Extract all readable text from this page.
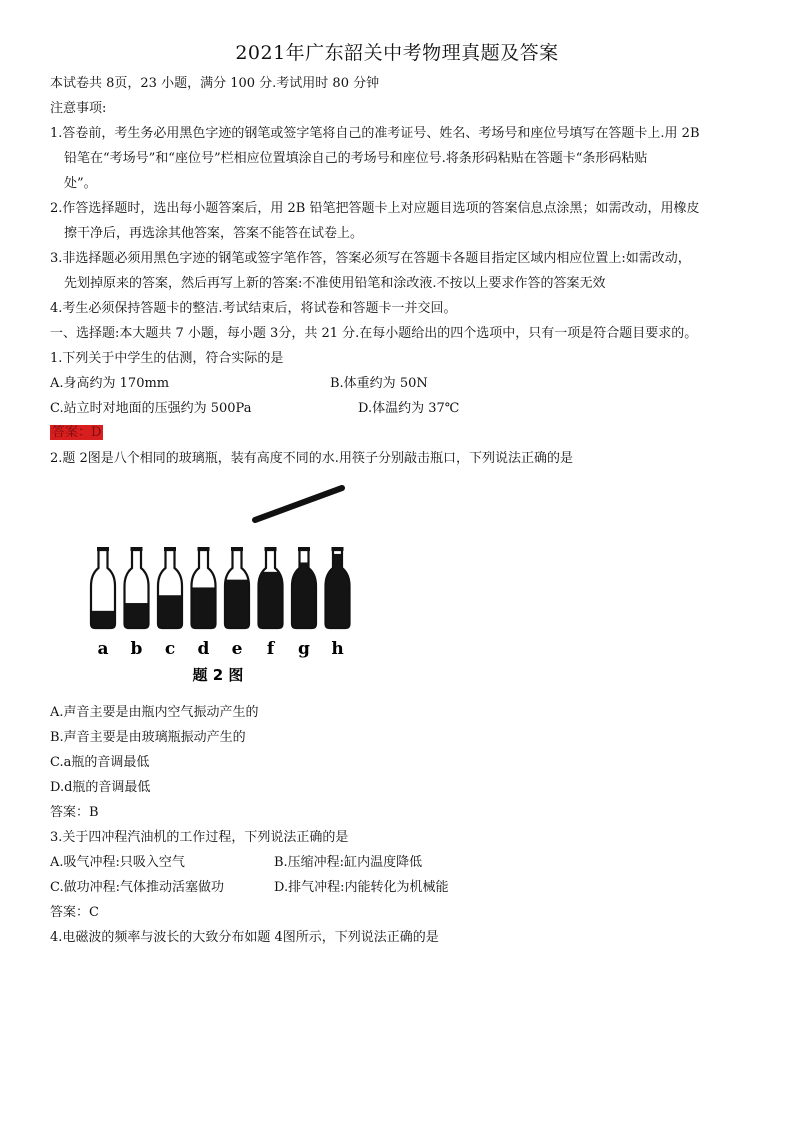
2021年广东韶关中考物理真题及答案
本试卷共 8页，23 小题，满分 100 分.考试用时 80 分钟
注意事项:
1.答卷前，考生务必用黑色字迹的钢笔或签字笔将自己的准考证号、姓名、考场号和座位号填写在答题卡上.用 2B
铅笔在“考场号”和“座位号”栏相应位置填涂自己的考场号和座位号.将条形码粘贴在答题卡“条形码粘贴
处”。
2.作答选择题时，选出每小题答案后，用 2B 铅笔把答题卡上对应题目选项的答案信息点涂黑；如需改动，用橡皮
擦干净后，再选涂其他答案，答案不能答在试卷上。
3.非选择题必须用黑色字迹的钢笔或签字笔作答，答案必须写在答题卡各题目指定区域内相应位置上:如需改动，
先划掉原来的答案，然后再写上新的答案:不准使用铅笔和涂改液.不按以上要求作答的答案无效
4.考生必须保持答题卡的整洁.考试结束后，将试卷和答题卡一并交回。
一、选择题:本大题共 7 小题，每小题 3分，共 21 分.在每小题给出的四个选项中，只有一项是符合题目要求的。
1.下列关于中学生的估测，符合实际的是
A.身高约为 170mm	B.体重约为 50N
C.站立时对地面的压强约为 500Pa	D.体温约为 37℃
答案：D
2.题 2图是八个相同的玻璃瓶，装有高度不同的水.用筷子分别敲击瓶口，下列说法正确的是
a b c d e f g h
题 2 图
A.声音主要是由瓶内空气振动产生的
B.声音主要是由玻璃瓶振动产生的
C.a瓶的音调最低
D.d瓶的音调最低
答案：B
3.关于四冲程汽油机的工作过程，下列说法正确的是
A.吸气冲程:只吸入空气	B.压缩冲程:缸内温度降低
C.做功冲程:气体推动活塞做功	D.排气冲程:内能转化为机械能
答案：C
4.电磁波的频率与波长的大致分布如题 4图所示，下列说法正确的是
